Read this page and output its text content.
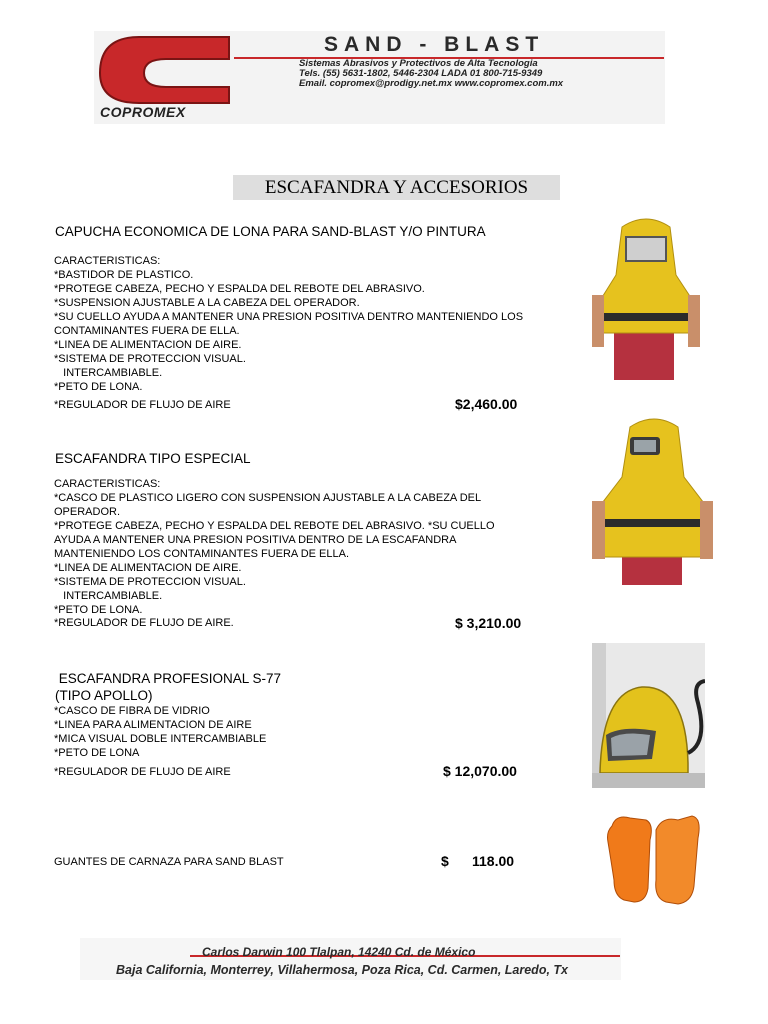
SAND - BLAST
Sistemas Abrasivos y Protectivos de Alta Tecnologia
Tels. (55) 5631-1802, 5446-2304 LADA 01 800-715-9349
Email. copromex@prodigy.net.mx www.copromex.com.mx
COPROMEX
ESCAFANDRA Y ACCESORIOS
CAPUCHA ECONOMICA DE LONA PARA SAND-BLAST Y/O PINTURA
CARACTERISTICAS:
*BASTIDOR DE PLASTICO.
*PROTEGE CABEZA, PECHO Y ESPALDA DEL REBOTE DEL ABRASIVO.
*SUSPENSION AJUSTABLE A LA CABEZA DEL OPERADOR.
*SU CUELLO AYUDA A MANTENER UNA PRESION POSITIVA DENTRO MANTENIENDO LOS
CONTAMINANTES FUERA DE ELLA.
*LINEA DE ALIMENTACION DE AIRE.
*SISTEMA DE PROTECCION VISUAL.
INTERCAMBIABLE.
*PETO DE LONA.
*REGULADOR DE FLUJO DE AIRE	$2,460.00
ESCAFANDRA TIPO ESPECIAL
CARACTERISTICAS:
*CASCO DE PLASTICO LIGERO CON SUSPENSION AJUSTABLE A LA CABEZA DEL
OPERADOR.
*PROTEGE CABEZA, PECHO Y ESPALDA DEL REBOTE DEL ABRASIVO. *SU CUELLO
AYUDA A MANTENER UNA PRESION POSITIVA DENTRO DE LA ESCAFANDRA
MANTENIENDO LOS CONTAMINANTES FUERA DE ELLA.
*LINEA DE ALIMENTACION DE AIRE.
*SISTEMA DE PROTECCION VISUAL.
INTERCAMBIABLE.
*PETO DE LONA.
*REGULADOR DE FLUJO DE AIRE.	$ 3,210.00
ESCAFANDRA PROFESIONAL S-77
(TIPO APOLLO)
*CASCO DE FIBRA DE VIDRIO
*LINEA PARA ALIMENTACION DE AIRE
*MICA VISUAL DOBLE INTERCAMBIABLE
*PETO DE LONA
*REGULADOR DE FLUJO DE AIRE	$ 12,070.00
GUANTES DE CARNAZA PARA SAND BLAST	$ 118.00
Carlos Darwin 100 Tlalpan, 14240 Cd. de México
Baja California, Monterrey, Villahermosa, Poza Rica, Cd. Carmen, Laredo, Tx
